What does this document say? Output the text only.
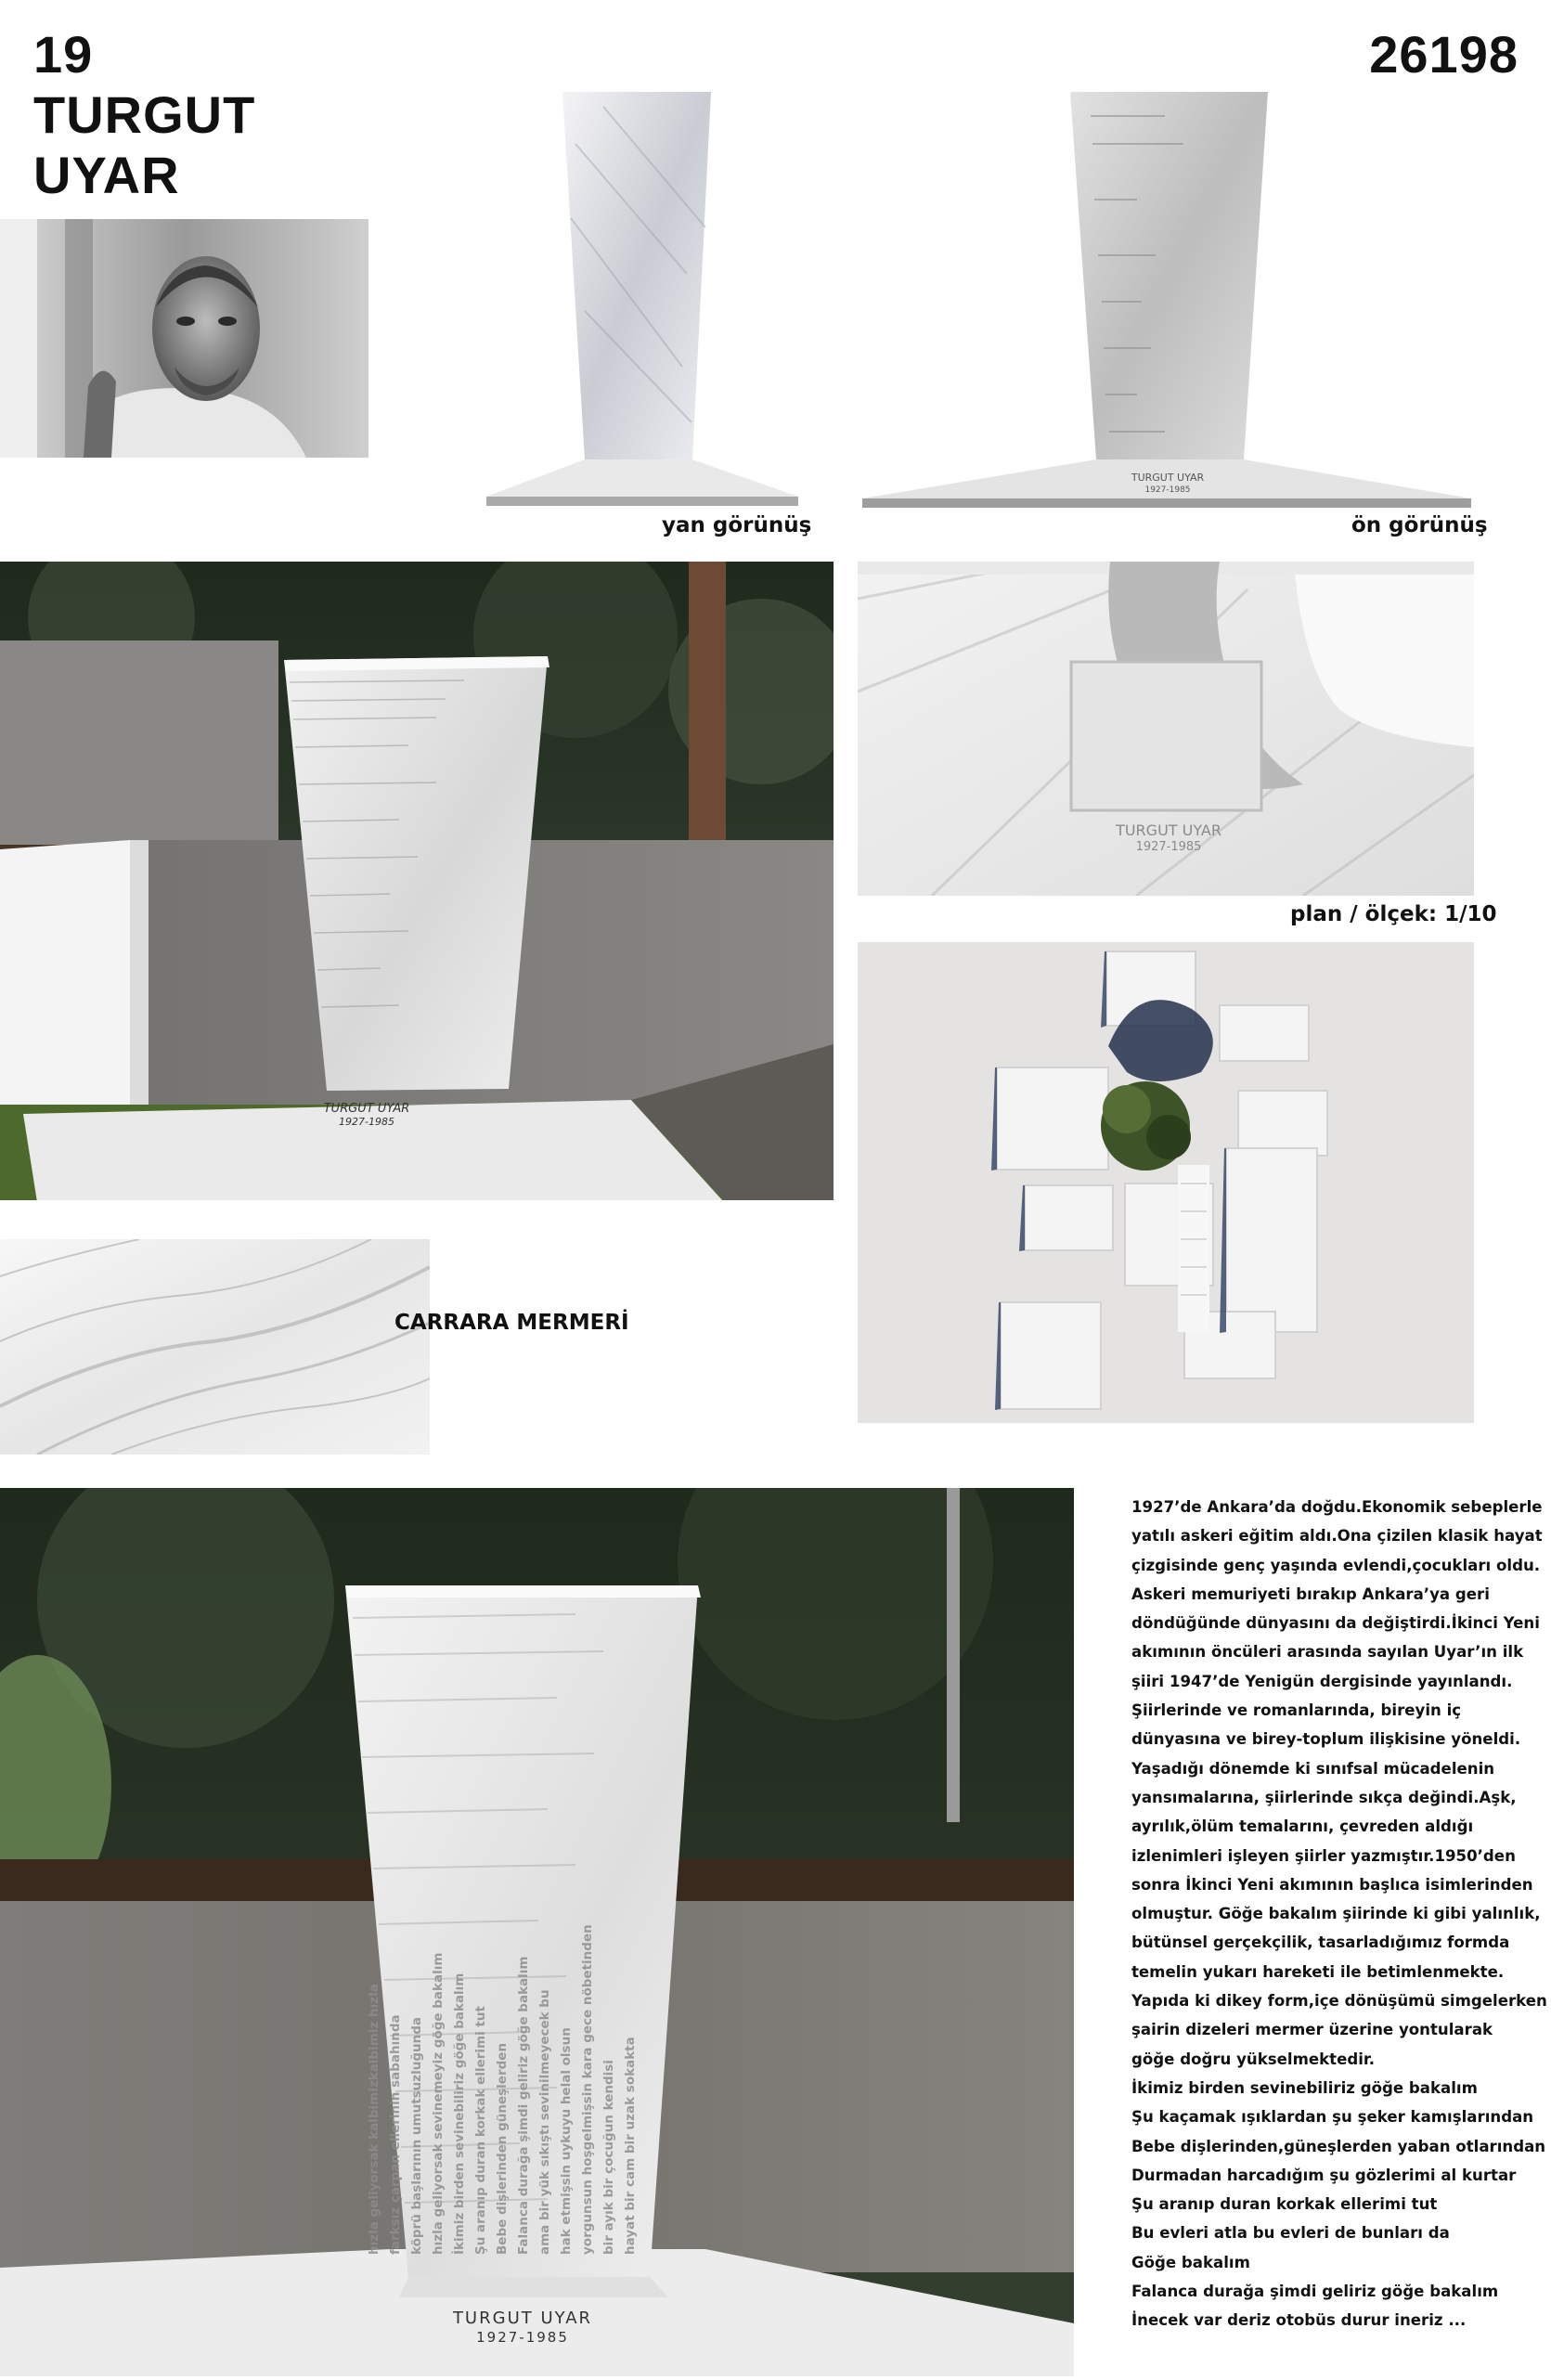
19
TURGUT
UYAR
26198
yan görünüş
TURGUT UYAR
1927-1985
ön görünüş
TURGUT UYAR
1927-1985
TURGUT UYAR
1927-1985
plan / ölçek: 1/10
CARRARA MERMERİ
TURGUT UYAR
1927-1985
hızla geliyorsak kalbimizkalbimiz hızla farksız çarpan ellerinin sabahında köprü başlarının umutsuzluğunda hızla geliyorsak sevinemeyiz göğe bakalım İkimiz birden sevinebiliriz göğe bakalım Şu aranıp duran korkak ellerimi tut Bebe dişlerinden güneşlerden Falanca durağa şimdi geliriz göğe bakalım ama bir yük sıkıştı sevinilmeyecek bu hak etmişsin uykuyu helal olsun yorgunsun hoşgelmişsin kara gece nöbetinden bir ayık bir çocuğun kendisi hayat bir cam bir uzak sokakta

1927’de Ankara’da doğdu.Ekonomik sebeplerle

yatılı askeri eğitim aldı.Ona çizilen klasik hayat

çizgisinde genç yaşında evlendi,çocukları oldu.

Askeri memuriyeti bırakıp Ankara’ya geri

döndüğünde dünyasını da değiştirdi.İkinci Yeni

akımının öncüleri arasında sayılan Uyar’ın ilk

şiiri 1947’de Yenigün dergisinde yayınlandı.

Şiirlerinde ve romanlarında, bireyin iç

dünyasına ve birey-toplum ilişkisine yöneldi.

Yaşadığı dönemde ki sınıfsal mücadelenin

yansımalarına, şiirlerinde sıkça değindi.Aşk,

ayrılık,ölüm temalarını, çevreden aldığı

izlenimleri işleyen şiirler yazmıştır.1950’den

sonra İkinci Yeni akımının başlıca isimlerinden

olmuştur. Göğe bakalım şiirinde ki gibi yalınlık,

bütünsel gerçekçilik, tasarladığımız formda

temelin yukarı hareketi ile betimlenmekte.

Yapıda ki dikey form,içe dönüşümü simgelerken

şairin dizeleri mermer üzerine yontularak

göğe doğru yükselmektedir.

İkimiz birden sevinebiliriz göğe bakalım

Şu kaçamak ışıklardan şu şeker kamışlarından

Bebe dişlerinden,güneşlerden yaban otlarından

Durmadan harcadığım şu gözlerimi al kurtar

Şu aranıp duran korkak ellerimi tut

Bu evleri atla bu evleri de bunları da

Göğe bakalım

Falanca durağa şimdi geliriz göğe bakalım

İnecek var deriz otobüs durur ineriz ...
